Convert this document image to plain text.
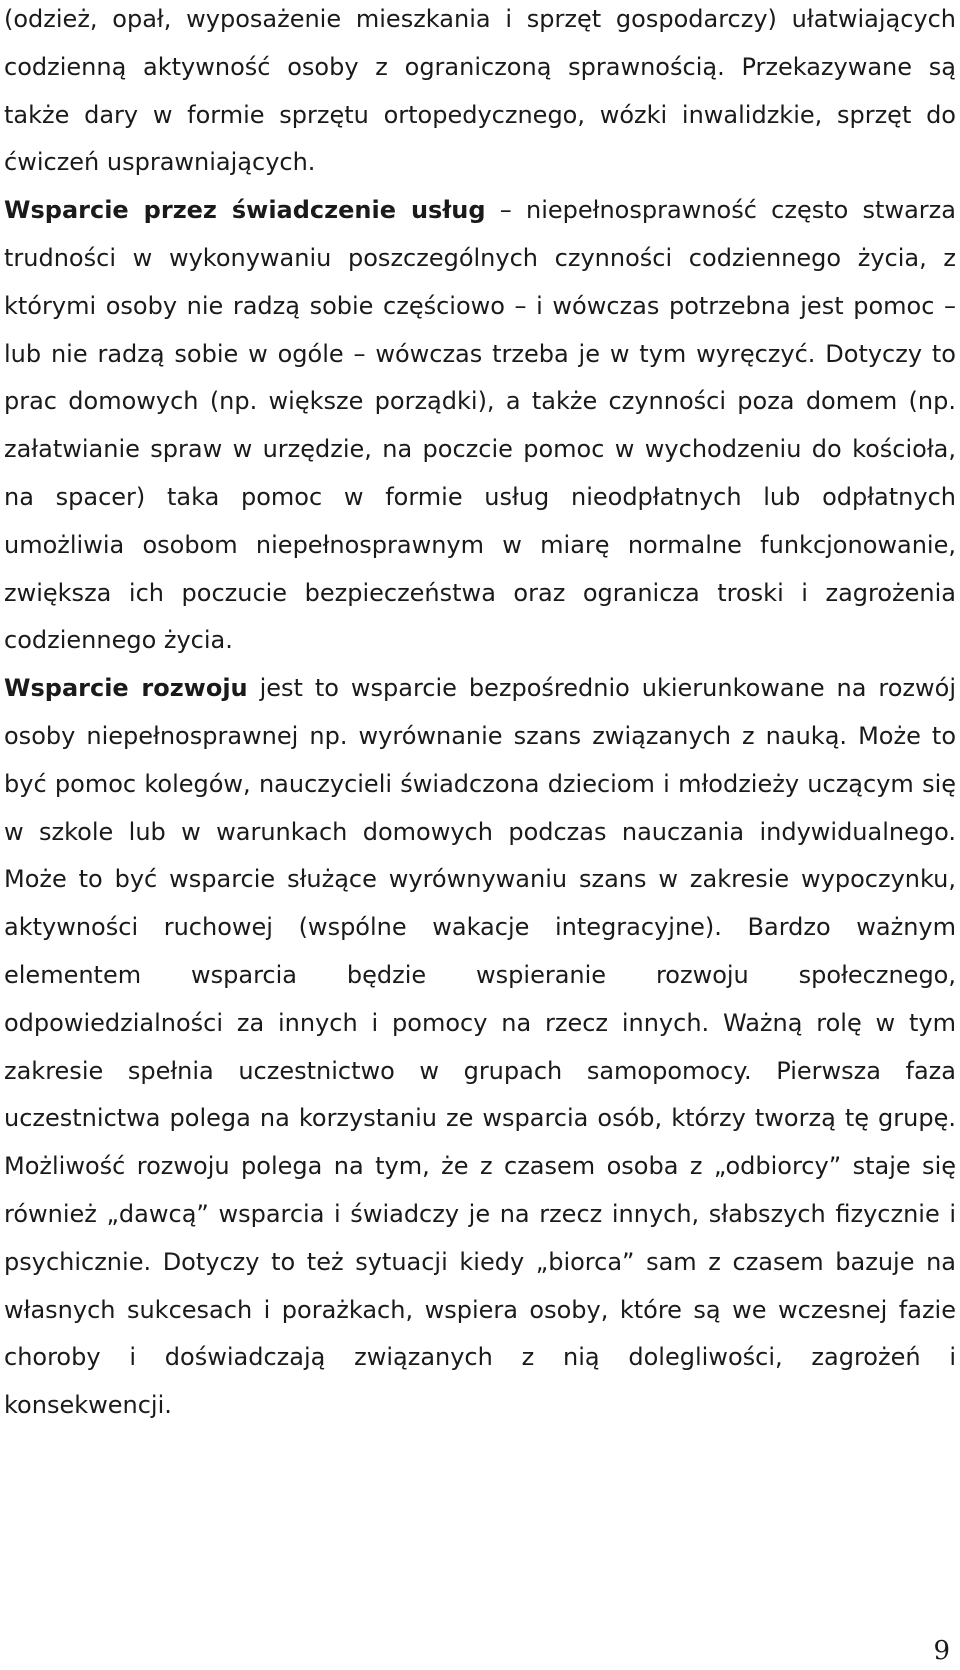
(odzież, opał, wyposażenie mieszkania i sprzęt gospodarczy) ułatwiających codzienną aktywność osoby z ograniczoną sprawnością. Przekazywane są także dary w formie sprzętu ortopedycznego, wózki inwalidzkie, sprzęt do ćwiczeń usprawniających.

Wsparcie przez świadczenie usług – niepełnosprawność często stwarza trudności w wykonywaniu poszczególnych czynności codziennego życia, z którymi osoby nie radzą sobie częściowo – i wówczas potrzebna jest pomoc – lub nie radzą sobie w ogóle – wówczas trzeba je w tym wyręczyć. Dotyczy to prac domowych (np. większe porządki), a także czynności poza domem (np. załatwianie spraw w urzędzie, na poczcie pomoc w wychodzeniu do kościoła, na spacer) taka pomoc w formie usług nieodpłatnych lub odpłatnych umożliwia osobom niepełnosprawnym w miarę normalne funkcjonowanie, zwiększa ich poczucie bezpieczeństwa oraz ogranicza troski i zagrożenia codziennego życia.

Wsparcie rozwoju jest to wsparcie bezpośrednio ukierunkowane na rozwój osoby niepełnosprawnej np. wyrównanie szans związanych z nauką. Może to być pomoc kolegów, nauczycieli świadczona dzieciom i młodzieży uczącym się w szkole lub w warunkach domowych podczas nauczania indywidualnego. Może to być wsparcie służące wyrównywaniu szans w zakresie wypoczynku, aktywności ruchowej (wspólne wakacje integracyjne). Bardzo ważnym elementem wsparcia będzie wspieranie rozwoju społecznego, odpowiedzialności za innych i pomocy na rzecz innych. Ważną rolę w tym zakresie spełnia uczestnictwo w grupach samopomocy. Pierwsza faza uczestnictwa polega na korzystaniu ze wsparcia osób, którzy tworzą tę grupę. Możliwość rozwoju polega na tym, że z czasem osoba z „odbiorcy” staje się również „dawcą” wsparcia i świadczy je na rzecz innych, słabszych fizycznie i psychicznie. Dotyczy to też sytuacji kiedy „biorca” sam z czasem bazuje na własnych sukcesach i porażkach, wspiera osoby, które są we wczesnej fazie choroby i doświadczają związanych z nią dolegliwości, zagrożeń i konsekwencji.

9
